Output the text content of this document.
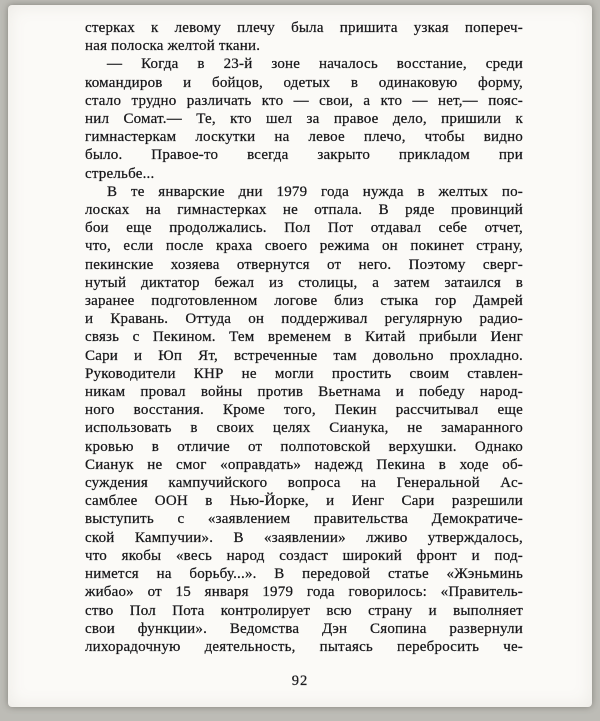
стерках к левому плечу была пришита узкая попереч-
ная полоска желтой ткани.
— Когда в 23-й зоне началось восстание, среди
командиров и бойцов, одетых в одинаковую форму,
стало трудно различать кто — свои, а кто — нет,— пояс-
нил Сомат.— Те, кто шел за правое дело, пришили к
гимнастеркам лоскутки на левое плечо, чтобы видно
было. Правое-то всегда закрыто прикладом при
стрельбе...
В те январские дни 1979 года нужда в желтых по-
лосках на гимнастерках не отпала. В ряде провинций
бои еще продолжались. Пол Пот отдавал себе отчет,
что, если после краха своего режима он покинет страну,
пекинские хозяева отвернутся от него. Поэтому сверг-
нутый диктатор бежал из столицы, а затем затаился в
заранее подготовленном логове близ стыка гор Дамрей
и Кравань. Оттуда он поддерживал регулярную радио-
связь с Пекином. Тем временем в Китай прибыли Иенг
Сари и Юп Ят, встреченные там довольно прохладно.
Руководители КНР не могли простить своим ставлен-
никам провал войны против Вьетнама и победу народ-
ного восстания. Кроме того, Пекин рассчитывал еще
использовать в своих целях Сианука, не замаранного
кровью в отличие от полпотовской верхушки. Однако
Сианук не смог «оправдать» надежд Пекина в ходе об-
суждения кампучийского вопроса на Генеральной Ас-
самблее ООН в Нью-Йорке, и Иенг Сари разрешили
выступить с «заявлением правительства Демократиче-
ской Кампучии». В «заявлении» лживо утверждалось,
что якобы «весь народ создаст широкий фронт и под-
нимется на борьбу...». В передовой статье «Жэньминь
жибао» от 15 января 1979 года говорилось: «Правитель-
ство Пол Пота контролирует всю страну и выполняет
свои функции». Ведомства Дэн Сяопина развернули
лихорадочную деятельность, пытаясь перебросить че-
92
